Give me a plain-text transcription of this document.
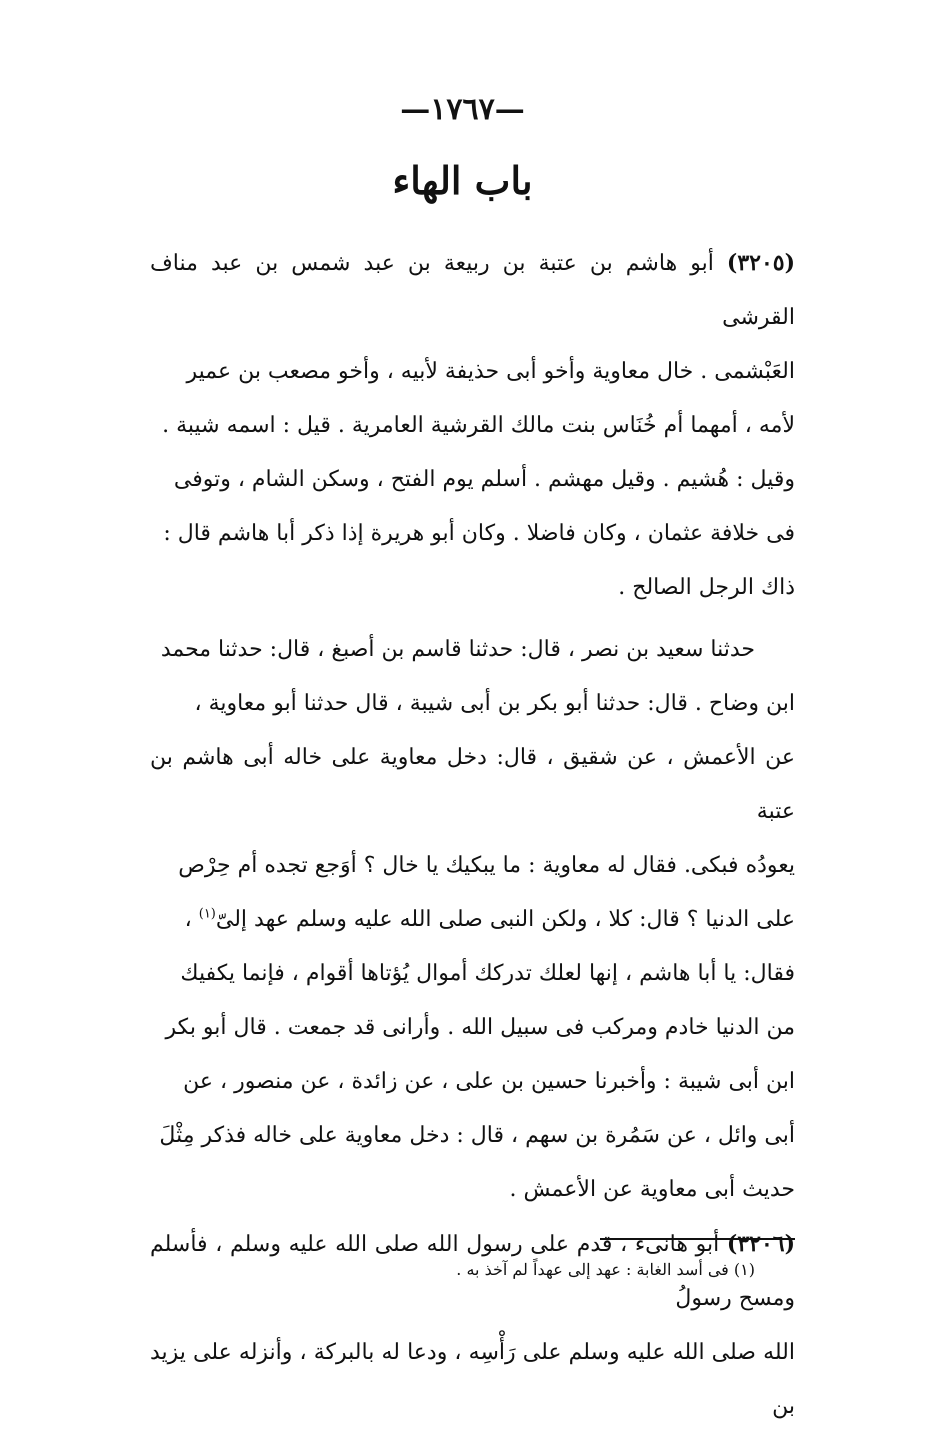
—١٧٦٧—
باب الهاء

(٣٢٠٥) أبو هاشم بن عتبة بن ربيعة بن عبد شمس بن عبد مناف القرشى

العَبْشمى . خال معاوية وأخو أبى حذيفة لأبيه ، وأخو مصعب بن عمير

لأمه ، أمهما أم خُنَاس بنت مالك القرشية العامرية . قيل : اسمه شيبة .

وقيل : هُشيم . وقيل مهشم . أسلم يوم الفتح ، وسكن الشام ، وتوفى

فى خلافة عثمان ، وكان فاضلا . وكان أبو هريرة إذا ذكر أبا هاشم قال :

ذاك الرجل الصالح .

حدثنا سعيد بن نصر ، قال: حدثنا قاسم بن أصبغ ، قال: حدثنا محمد

ابن وضاح . قال: حدثنا أبو بكر بن أبى شيبة ، قال حدثنا أبو معاوية ،

عن الأعمش ، عن شقيق ، قال: دخل معاوية على خاله أبى هاشم بن عتبة

يعودُه فبكى. فقال له معاوية : ما يبكيك يا خال ؟ أوَجع تجده أم حِرْص

على الدنيا ؟ قال: كلا ، ولكن النبى صلى الله عليه وسلم عهد إلىّ$^{(١)}$ ،

فقال: يا أبا هاشم ، إنها لعلك تدركك أموال يُؤتاها أقوام ، فإنما يكفيك

من الدنيا خادم ومركب فى سبيل الله . وأرانى قد جمعت . قال أبو بكر

ابن أبى شيبة : وأخبرنا حسين بن على ، عن زائدة ، عن منصور ، عن

أبى وائل ، عن سَمُرة بن سهم ، قال : دخل معاوية على خاله فذكر مِثْلَ

حديث أبى معاوية عن الأعمش .

(٣٢٠٦) أبو هانىء ، قدم على رسول الله صلى الله عليه وسلم ، فأسلم ومسح رسولُ

الله صلى الله عليه وسلم على رَأْسِه ، ودعا له بالبركة ، وأنزله على يزيد بن

(١) فى أسد الغابة : عهد إلى عهداً لم آخذ به .
